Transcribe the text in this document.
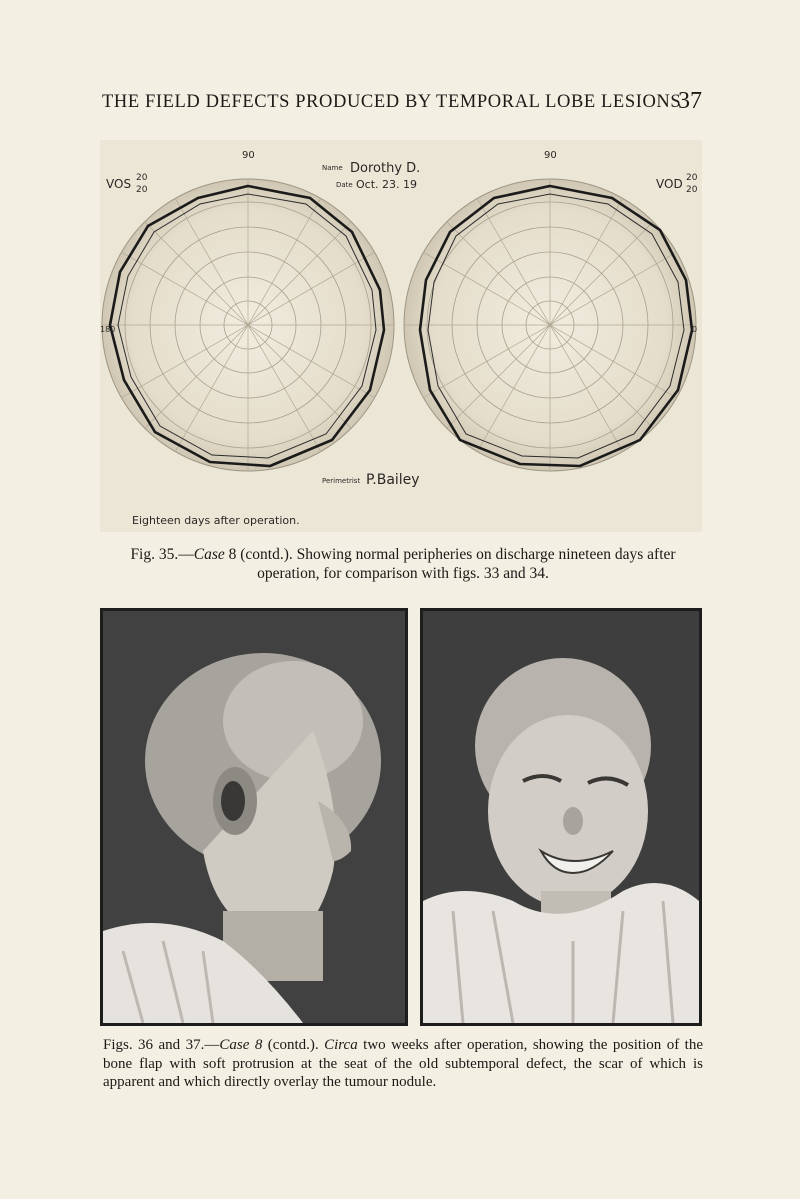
THE FIELD DEFECTS PRODUCED BY TEMPORAL LOBE LESIONS
37
VOS 20
20	VOD 20
20
90	90
Name Dorothy D.
Date Oct. 23. 19
180	0
Perimetrist P.Bailey
Eighteen days after operation.
Fig. 35.—Case 8 (contd.). Showing normal peripheries on discharge nineteen days after operation, for comparison with figs. 33 and 34.
Figs. 36 and 37.—Case 8 (contd.). Circa two weeks after operation, showing the position of the bone flap with soft protrusion at the seat of the old subtemporal defect, the scar of which is apparent and which directly overlay the tumour nodule.
